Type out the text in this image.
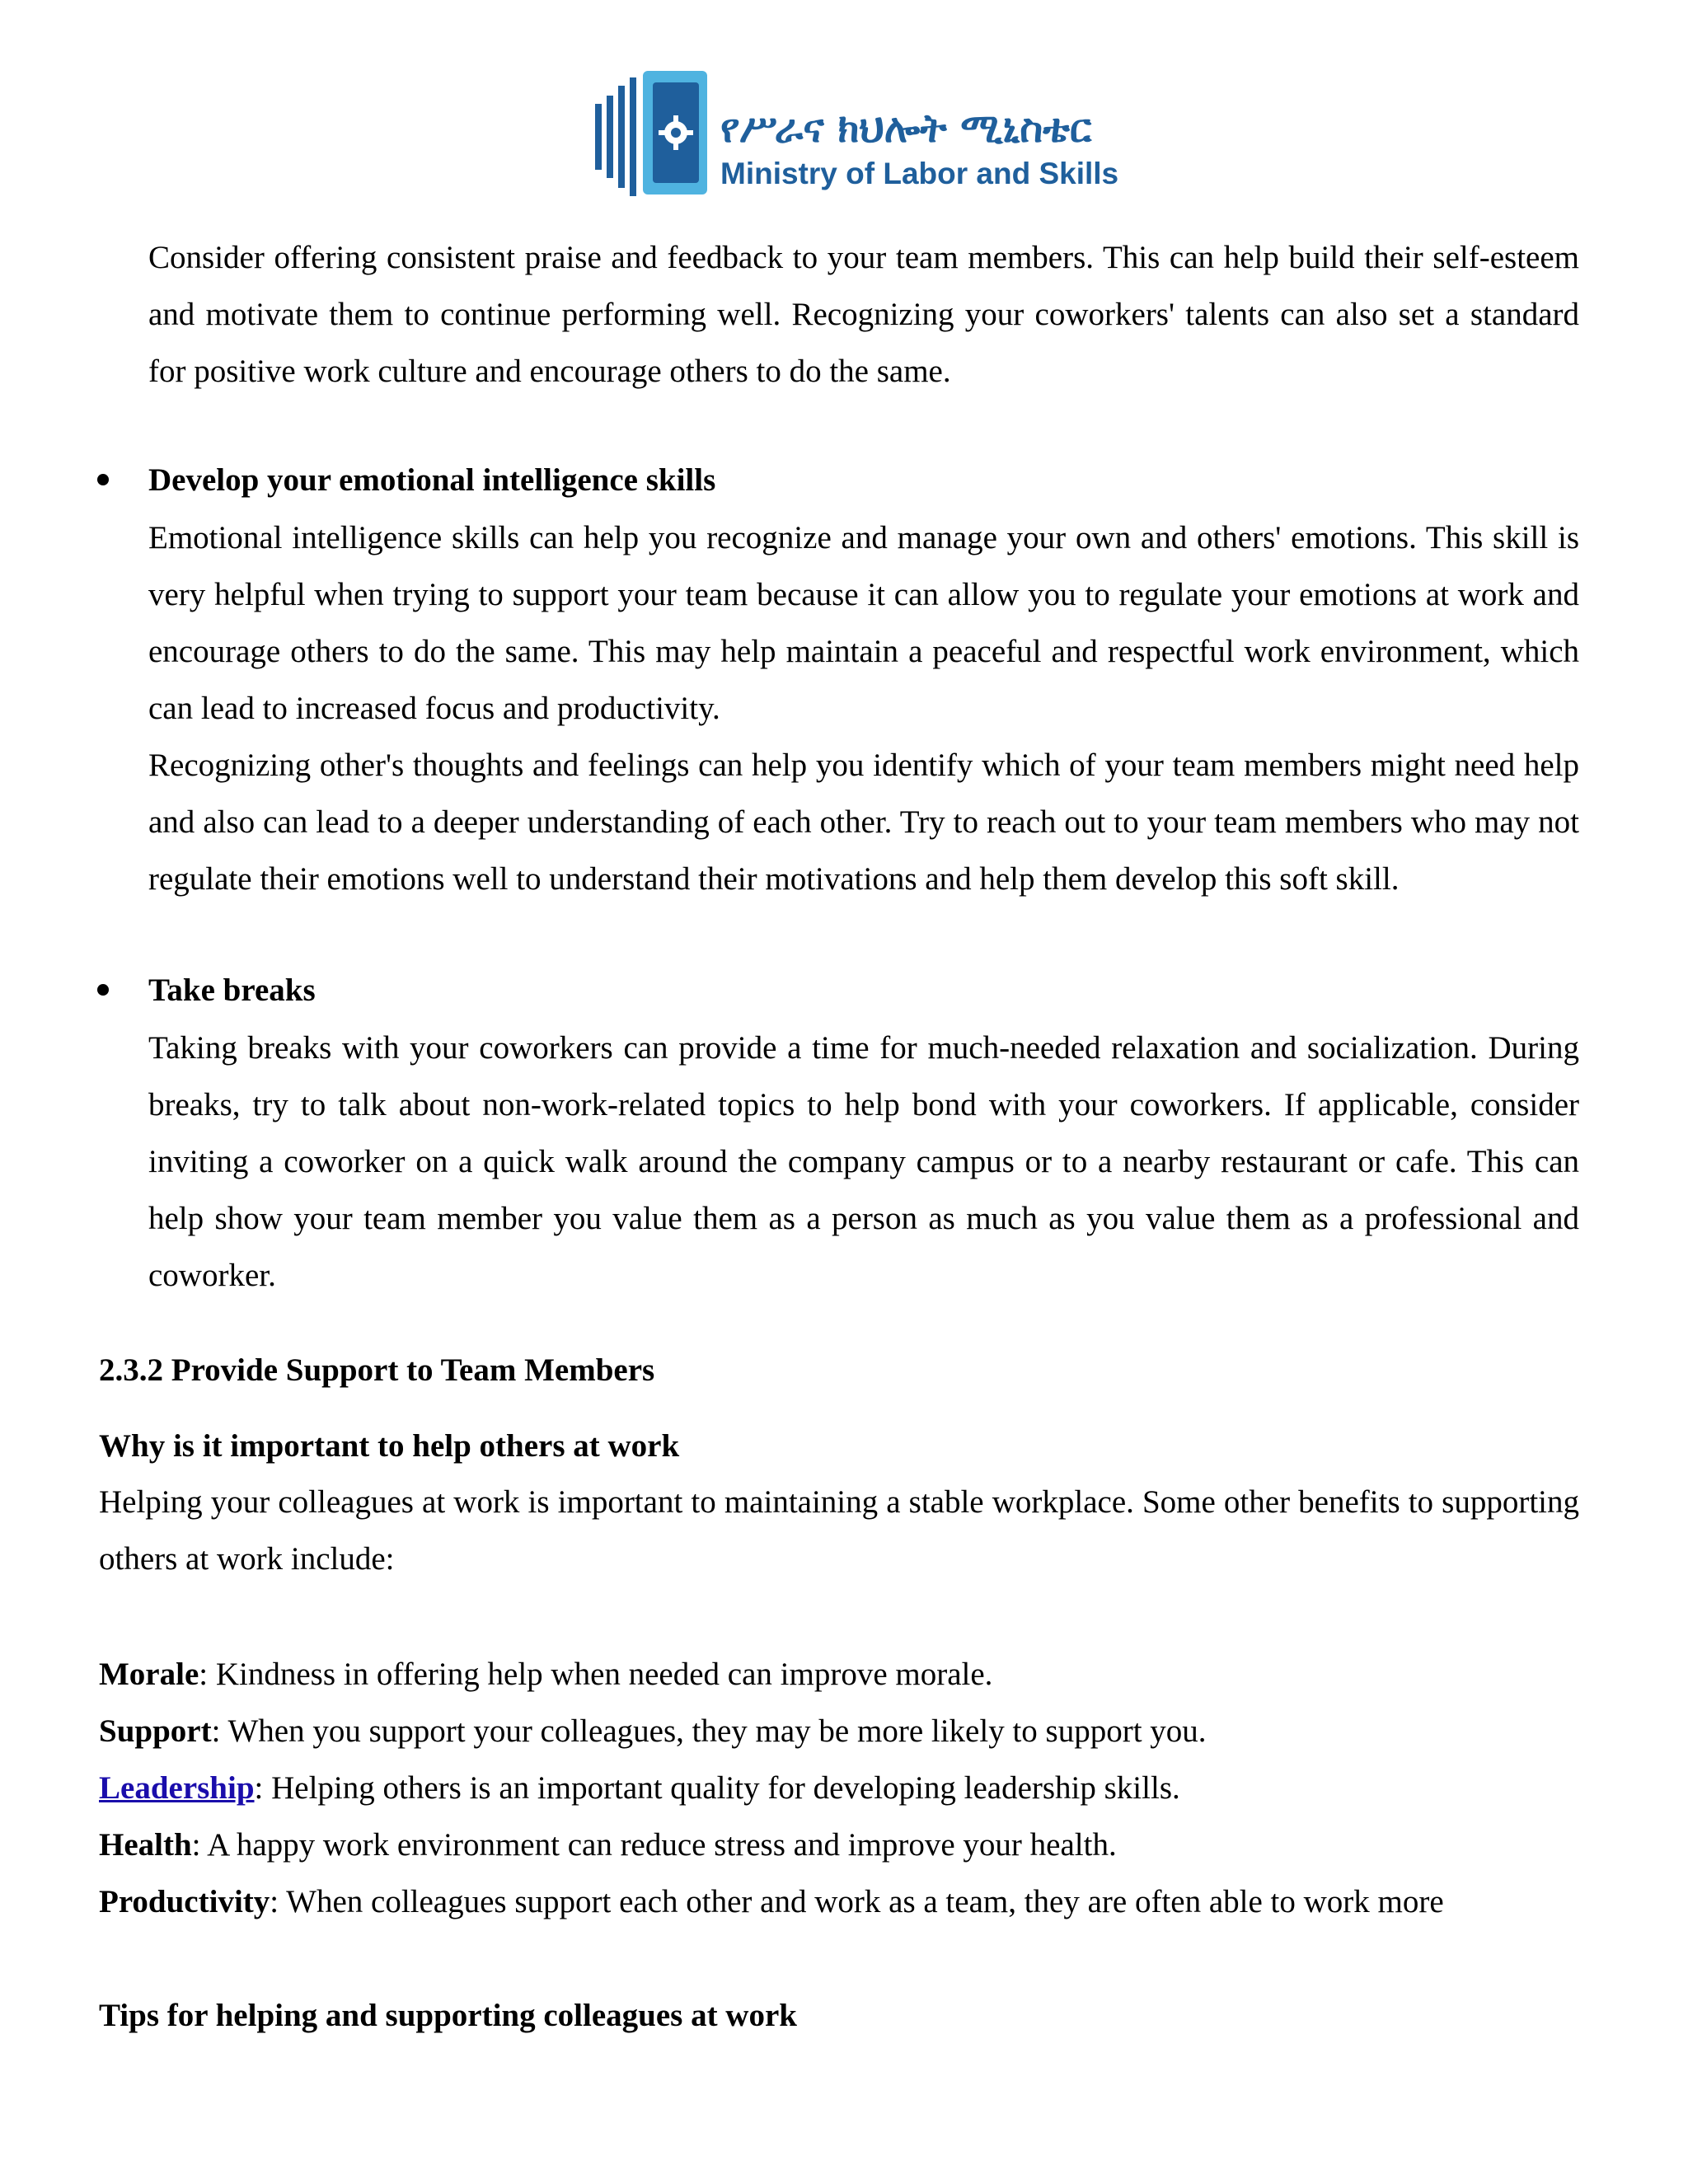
የሥራና ክህሎት ሚኒስቴር
Ministry of Labor and Skills

Consider offering consistent praise and feedback to your team members. This can help build their self-esteem and motivate them to continue performing well. Recognizing your coworkers' talents can also set a standard for positive work culture and encourage others to do the same.

Develop your emotional intelligence skills

Emotional intelligence skills can help you recognize and manage your own and others' emotions. This skill is very helpful when trying to support your team because it can allow you to regulate your emotions at work and encourage others to do the same. This may help maintain a peaceful and respectful work environment, which can lead to increased focus and productivity.

Recognizing other's thoughts and feelings can help you identify which of your team members might need help and also can lead to a deeper understanding of each other. Try to reach out to your team members who may not regulate their emotions well to understand their motivations and help them develop this soft skill.

Take breaks

Taking breaks with your coworkers can provide a time for much-needed relaxation and socialization. During breaks, try to talk about non-work-related topics to help bond with your coworkers. If applicable, consider inviting a coworker on a quick walk around the company campus or to a nearby restaurant or cafe. This can help show your team member you value them as a person as much as you value them as a professional and coworker.

2.3.2 Provide Support to Team Members

Why is it important to help others at work

Helping your colleagues at work is important to maintaining a stable workplace. Some other benefits to supporting others at work include:

Morale: Kindness in offering help when needed can improve morale.

Support: When you support your colleagues, they may be more likely to support you.

Leadership: Helping others is an important quality for developing leadership skills.

Health: A happy work environment can reduce stress and improve your health.

Productivity: When colleagues support each other and work as a team, they are often able to work more

Tips for helping and supporting colleagues at work
